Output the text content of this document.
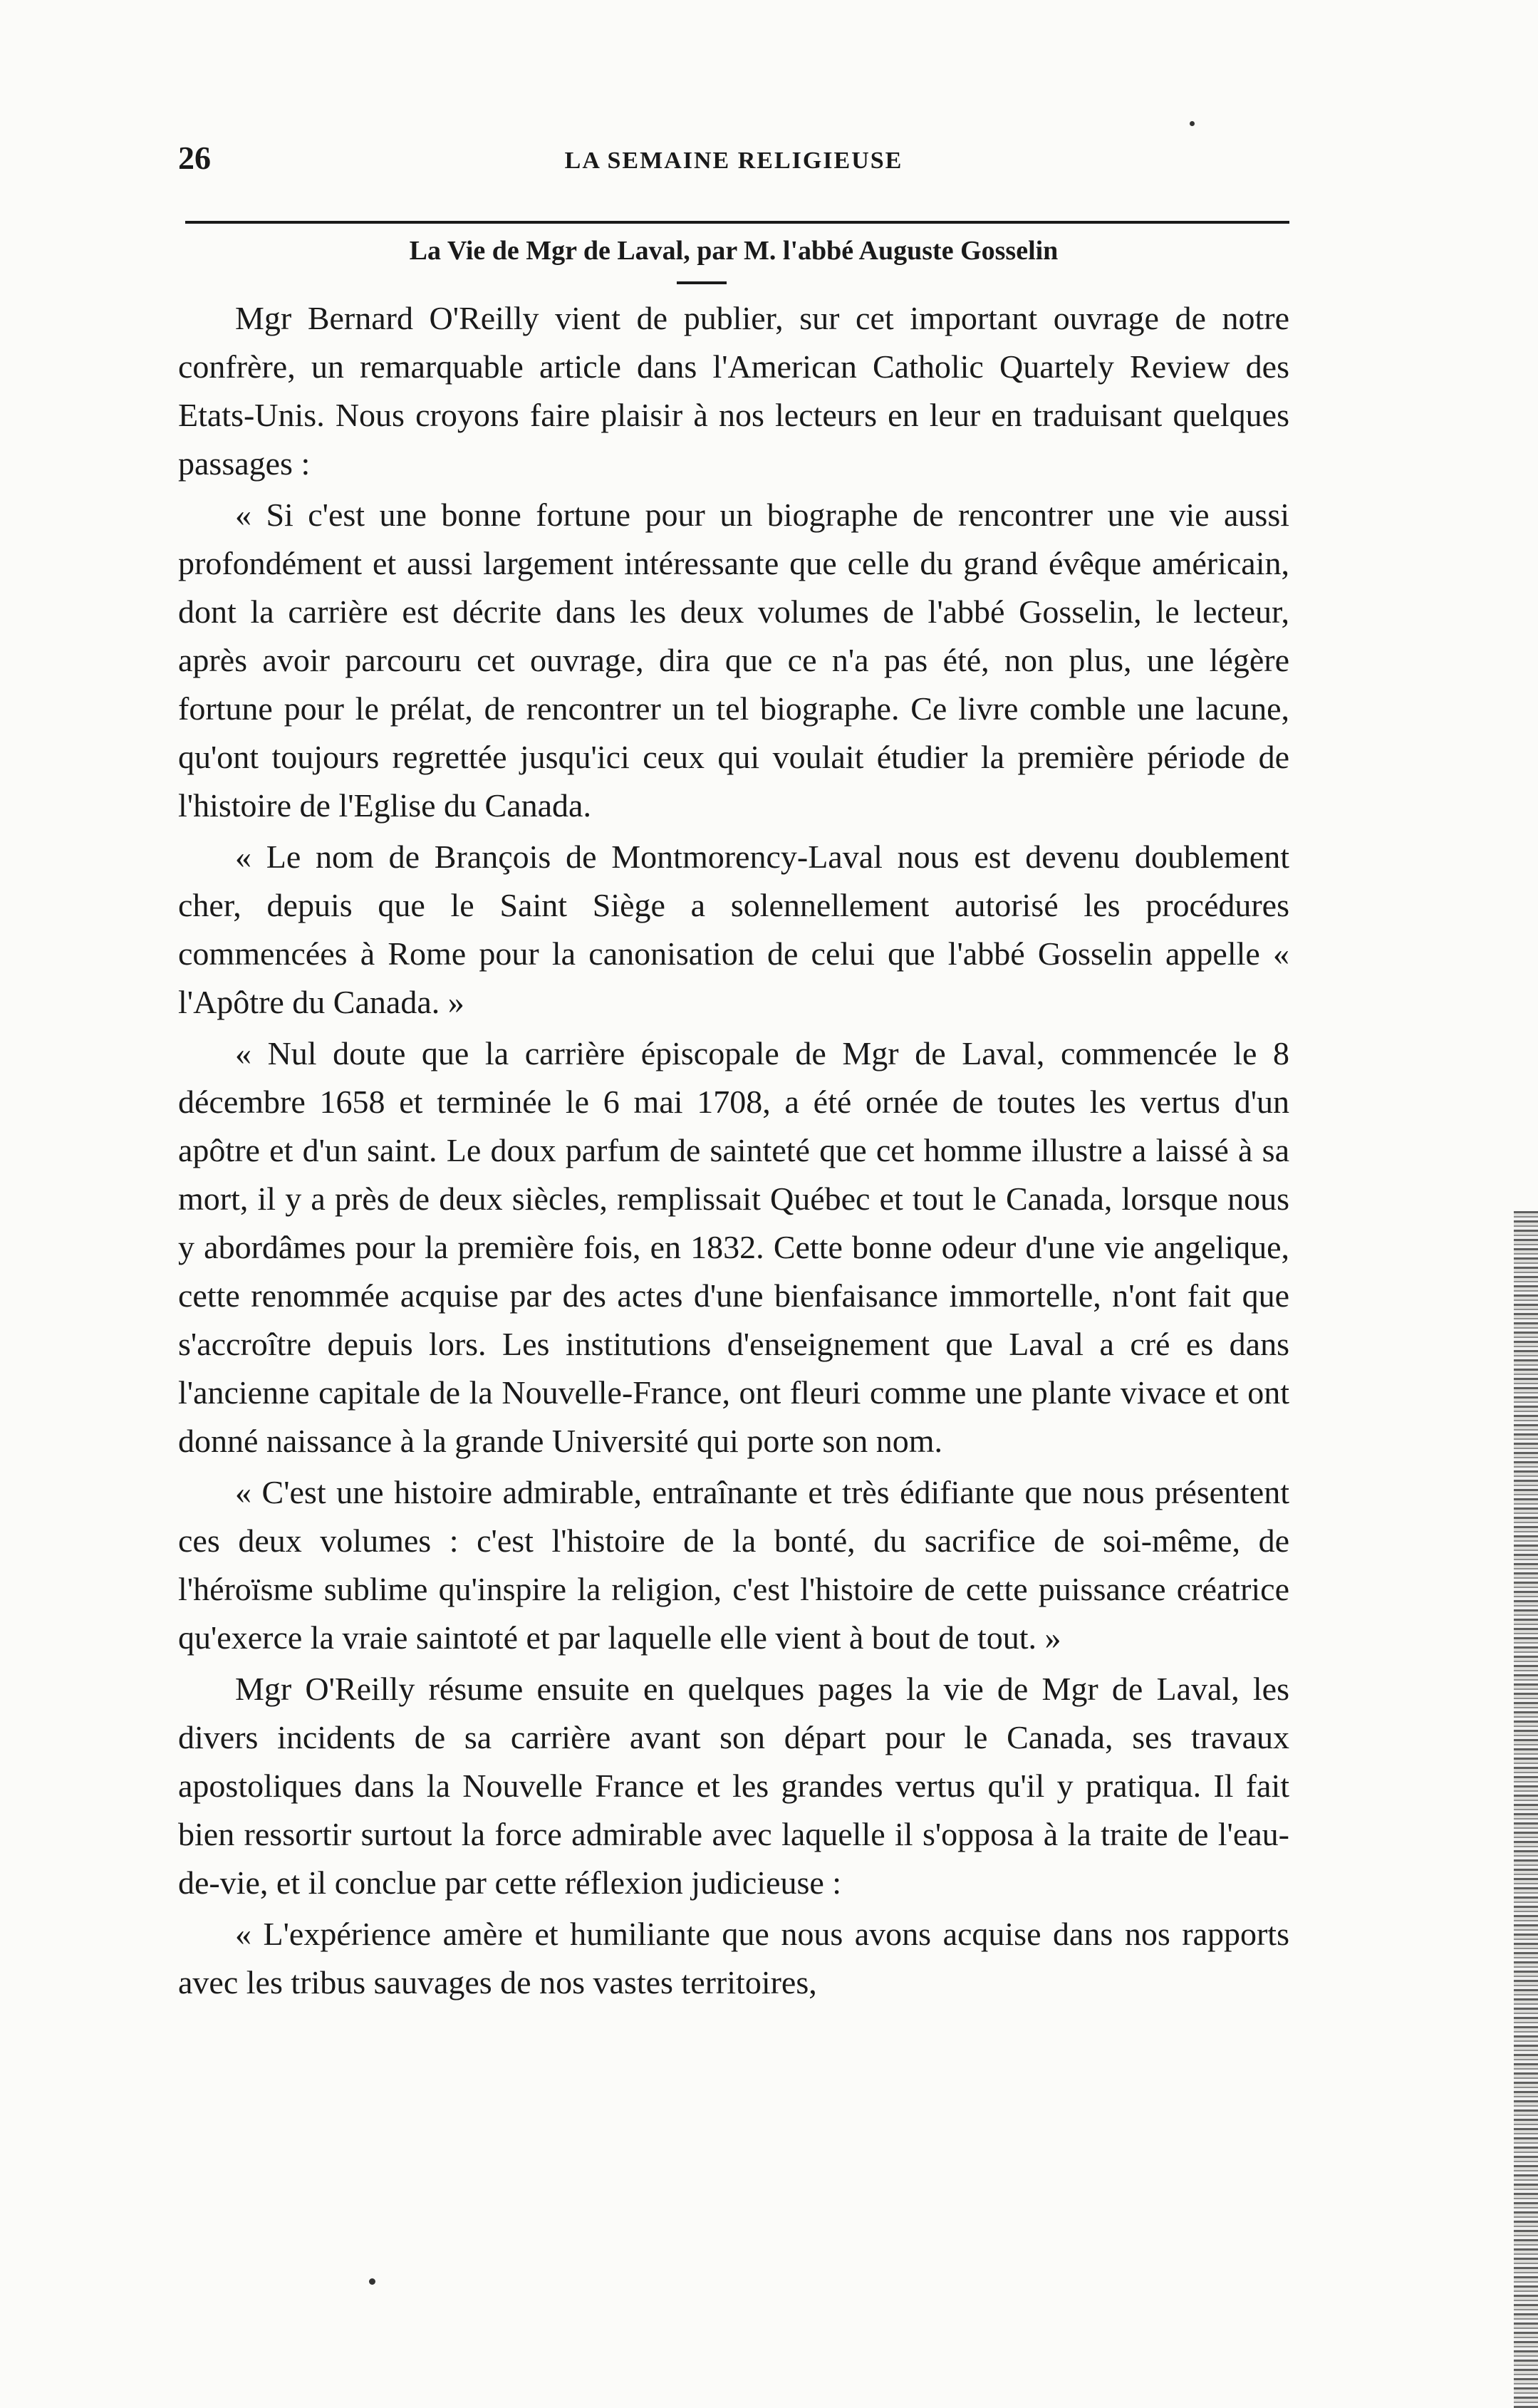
26	LA SEMAINE RELIGIEUSE
La Vie de Mgr de Laval, par M. l'abbé Auguste Gosselin

Mgr Bernard O'Reilly vient de publier, sur cet important ouvrage de notre confrère, un remarquable article dans l'American Catholic Quartely Review des Etats-Unis. Nous croyons faire plaisir à nos lecteurs en leur en traduisant quelques passages :

« Si c'est une bonne fortune pour un biographe de rencontrer une vie aussi profondément et aussi largement intéressante que celle du grand évêque américain, dont la carrière est décrite dans les deux volumes de l'abbé Gosselin, le lecteur, après avoir parcouru cet ouvrage, dira que ce n'a pas été, non plus, une légère fortune pour le prélat, de rencontrer un tel biographe. Ce livre comble une lacune, qu'ont toujours regrettée jusqu'ici ceux qui voulait étudier la première période de l'histoire de l'Eglise du Canada.

« Le nom de Brançois de Montmorency-Laval nous est devenu doublement cher, depuis que le Saint Siège a solennellement autorisé les procédures commencées à Rome pour la canonisation de celui que l'abbé Gosselin appelle « l'Apôtre du Canada. »

« Nul doute que la carrière épiscopale de Mgr de Laval, commencée le 8 décembre 1658 et terminée le 6 mai 1708, a été ornée de toutes les vertus d'un apôtre et d'un saint. Le doux parfum de sainteté que cet homme illustre a laissé à sa mort, il y a près de deux siècles, remplissait Québec et tout le Canada, lorsque nous y abordâmes pour la première fois, en 1832. Cette bonne odeur d'une vie angelique, cette renommée acquise par des actes d'une bienfaisance immortelle, n'ont fait que s'accroître depuis lors. Les institutions d'enseignement que Laval a cré es dans l'ancienne capitale de la Nouvelle-France, ont fleuri comme une plante vivace et ont donné naissance à la grande Université qui porte son nom.

« C'est une histoire admirable, entraînante et très édifiante que nous présentent ces deux volumes : c'est l'histoire de la bonté, du sacrifice de soi-même, de l'héroïsme sublime qu'inspire la religion, c'est l'histoire de cette puissance créatrice qu'exerce la vraie saintoté et par laquelle elle vient à bout de tout. »

Mgr O'Reilly résume ensuite en quelques pages la vie de Mgr de Laval, les divers incidents de sa carrière avant son départ pour le Canada, ses travaux apostoliques dans la Nouvelle France et les grandes vertus qu'il y pratiqua. Il fait bien ressortir surtout la force admirable avec laquelle il s'opposa à la traite de l'eau-de-vie, et il conclue par cette réflexion judicieuse :

« L'expérience amère et humiliante que nous avons acquise dans nos rapports avec les tribus sauvages de nos vastes territoires,
